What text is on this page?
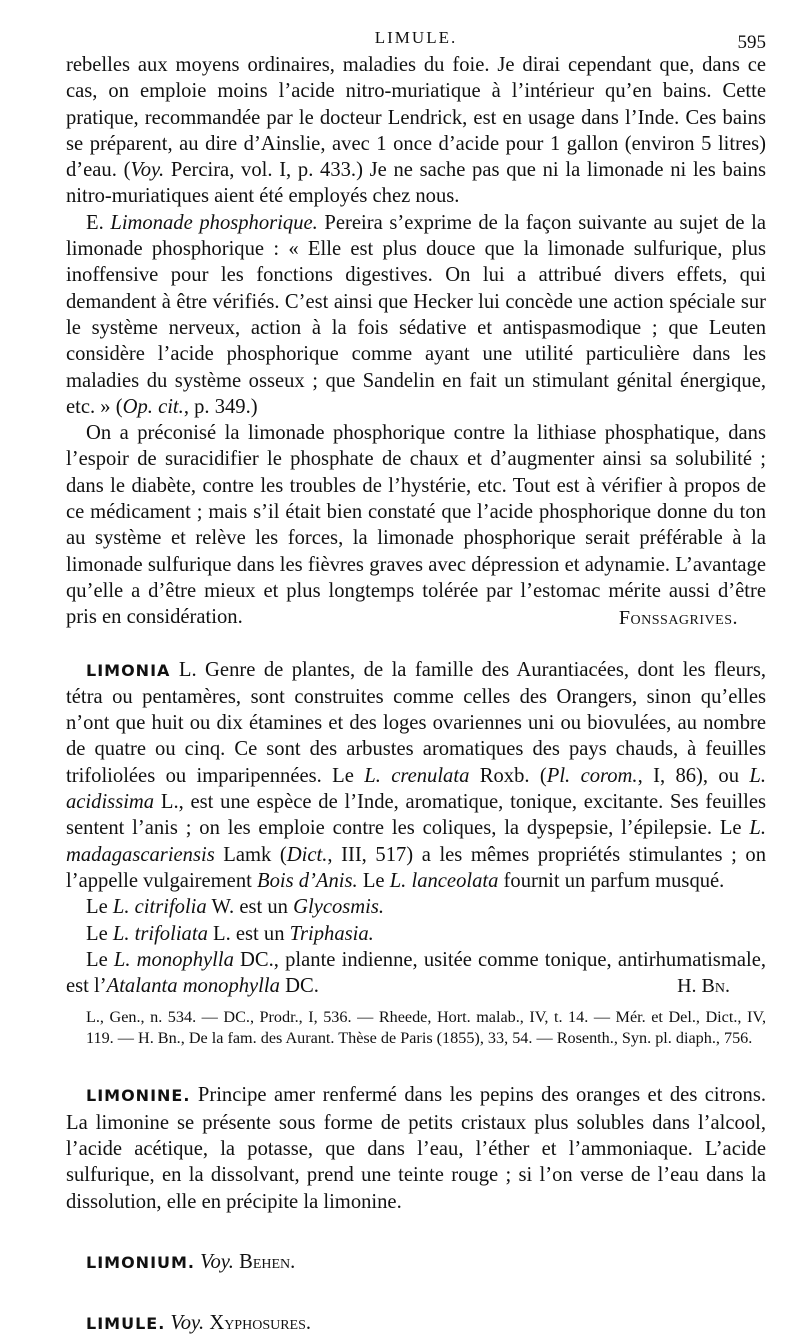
LIMULE.	595

rebelles aux moyens ordinaires, maladies du foie. Je dirai cependant que, dans ce cas, on emploie moins l’acide nitro-muriatique à l’intérieur qu’en bains. Cette pratique, recommandée par le docteur Lendrick, est en usage dans l’Inde. Ces bains se préparent, au dire d’Ainslie, avec 1 once d’acide pour 1 gallon (environ 5 litres) d’eau. (Voy. Percira, vol. I, p. 433.) Je ne sache pas que ni la limonade ni les bains nitro-muriatiques aient été employés chez nous.

E. Limonade phosphorique. Pereira s’exprime de la façon suivante au sujet de la limonade phosphorique : « Elle est plus douce que la limonade sulfurique, plus inoffensive pour les fonctions digestives. On lui a attribué divers effets, qui demandent à être vérifiés. C’est ainsi que Hecker lui concède une action spéciale sur le système nerveux, action à la fois sédative et antispasmodique ; que Leuten considère l’acide phosphorique comme ayant une utilité particulière dans les maladies du système osseux ; que Sandelin en fait un stimulant génital énergique, etc. » (Op. cit., p. 349.)

On a préconisé la limonade phosphorique contre la lithiase phosphatique, dans l’espoir de suracidifier le phosphate de chaux et d’augmenter ainsi sa solubilité ; dans le diabète, contre les troubles de l’hystérie, etc. Tout est à vérifier à propos de ce médicament ; mais s’il était bien constaté que l’acide phosphorique donne du ton au système et relève les forces, la limonade phosphorique serait préférable à la limonade sulfurique dans les fièvres graves avec dépression et adynamie. L’avantage qu’elle a d’être mieux et plus longtemps tolérée par l’estomac mérite aussi d’être pris en considération.	Fonssagrives.

LIMONIA L. Genre de plantes, de la famille des Aurantiacées, dont les fleurs, tétra ou pentamères, sont construites comme celles des Orangers, sinon qu’elles n’ont que huit ou dix étamines et des loges ovariennes uni ou biovulées, au nombre de quatre ou cinq. Ce sont des arbustes aromatiques des pays chauds, à feuilles trifoliolées ou imparipennées. Le L. crenulata Roxb. (Pl. corom., I, 86), ou L. acidissima L., est une espèce de l’Inde, aromatique, tonique, excitante. Ses feuilles sentent l’anis ; on les emploie contre les coliques, la dyspepsie, l’épilepsie. Le L. madagascariensis Lamk (Dict., III, 517) a les mêmes propriétés stimulantes ; on l’appelle vulgairement Bois d’Anis. Le L. lanceolata fournit un parfum musqué.

Le L. citrifolia W. est un Glycosmis.

Le L. trifoliata L. est un Triphasia.

Le L. monophylla DC., plante indienne, usitée comme tonique, antirhumatismale, est l’Atalanta monophylla DC.	H. Bn.

L., Gen., n. 534. — DC., Prodr., I, 536. — Rheede, Hort. malab., IV, t. 14. — Mér. et Del., Dict., IV, 119. — H. Bn., De la fam. des Aurant. Thèse de Paris (1855), 33, 54. — Rosenth., Syn. pl. diaph., 756.

LIMONINE. Principe amer renfermé dans les pepins des oranges et des citrons. La limonine se présente sous forme de petits cristaux plus solubles dans l’alcool, l’acide acétique, la potasse, que dans l’eau, l’éther et l’ammoniaque. L’acide sulfurique, en la dissolvant, prend une teinte rouge ; si l’on verse de l’eau dans la dissolution, elle en précipite la limonine.

LIMONIUM. Voy. Behen.

LIMULE. Voy. Xyphosures.
